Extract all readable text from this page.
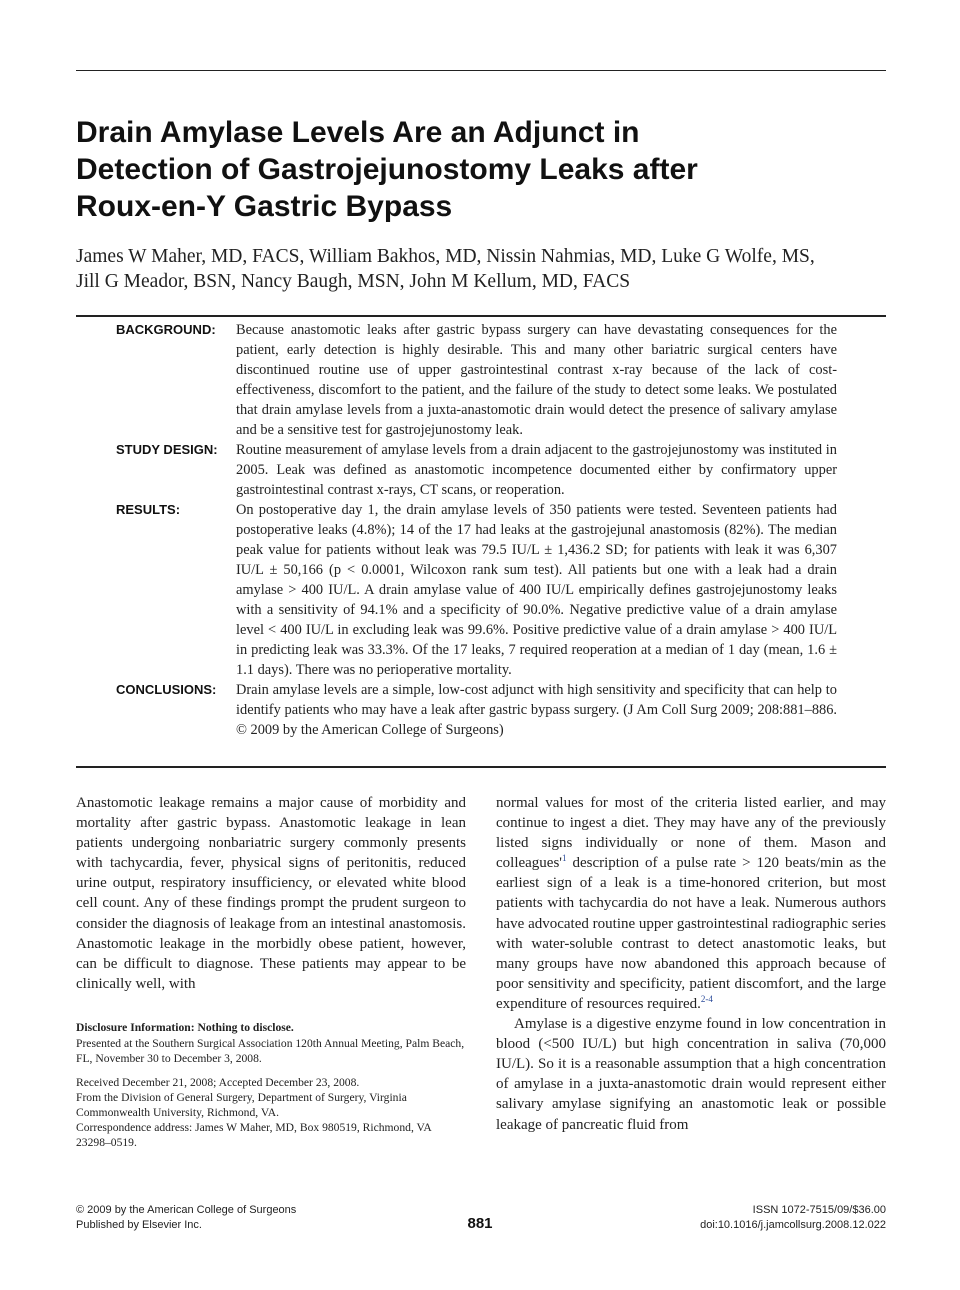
Drain Amylase Levels Are an Adjunct in
Detection of Gastrojejunostomy Leaks after
Roux-en-Y Gastric Bypass
James W Maher, MD, FACS, William Bakhos, MD, Nissin Nahmias, MD, Luke G Wolfe, MS,
Jill G Meador, BSN, Nancy Baugh, MSN, John M Kellum, MD, FACS
BACKGROUND: Because anastomotic leaks after gastric bypass surgery can have devastating consequences for the patient, early detection is highly desirable. This and many other bariatric surgical centers have discontinued routine use of upper gastrointestinal contrast x-ray because of the lack of cost-effectiveness, discomfort to the patient, and the failure of the study to detect some leaks. We postulated that drain amylase levels from a juxta-anastomotic drain would detect the presence of salivary amylase and be a sensitive test for gastrojejunostomy leak.
STUDY DESIGN: Routine measurement of amylase levels from a drain adjacent to the gastrojejunostomy was instituted in 2005. Leak was defined as anastomotic incompetence documented either by confirmatory upper gastrointestinal contrast x-rays, CT scans, or reoperation.
RESULTS:	On postoperative day 1, the drain amylase levels of 350 patients were tested. Seventeen patients had postoperative leaks (4.8%); 14 of the 17 had leaks at the gastrojejunal anastomosis (82%). The median peak value for patients without leak was 79.5 IU/L ± 1,436.2 SD; for patients with leak it was 6,307 IU/L ± 50,166 (p < 0.0001, Wilcoxon rank sum test). All patients but one with a leak had a drain amylase > 400 IU/L. A drain amylase value of 400 IU/L empirically defines gastrojejunostomy leaks with a sensitivity of 94.1% and a specificity of 90.0%. Negative predictive value of a drain amylase level < 400 IU/L in excluding leak was 99.6%. Positive predictive value of a drain amylase > 400 IU/L in predicting leak was 33.3%. Of the 17 leaks, 7 required reoperation at a median of 1 day (mean, 1.6 ± 1.1 days). There was no perioperative mortality.
CONCLUSIONS: Drain amylase levels are a simple, low-cost adjunct with high sensitivity and specificity that can help to identify patients who may have a leak after gastric bypass surgery. (J Am Coll Surg 2009; 208:881–886. © 2009 by the American College of Surgeons)

Anastomotic leakage remains a major cause of morbidity and mortality after gastric bypass. Anastomotic leakage in lean patients undergoing nonbariatric surgery commonly presents with tachycardia, fever, physical signs of peritonitis, reduced urine output, respiratory insufficiency, or elevated white blood cell count. Any of these findings prompt the prudent surgeon to consider the diagnosis of leakage from an intestinal anastomosis. Anastomotic leakage in the morbidly obese patient, however, can be difficult to diagnose. These patients may appear to be clinically well, with

normal values for most of the criteria listed earlier, and may continue to ingest a diet. They may have any of the previously listed signs individually or none of them. Mason and $colleagues'^1$ description of a pulse rate > 120 beats/min as the earliest sign of a leak is a time-honored criterion, but most patients with tachycardia do not have a leak. Numerous authors have advocated routine upper gastrointestinal radiographic series with water-soluble contrast to detect anastomotic leaks, but many groups have now abandoned this approach because of poor sensitivity and specificity, patient discomfort, and the large expenditure of resources required.$^{2-4}$

Amylase is a digestive enzyme found in low concentration in blood (<500 IU/L) but high concentration in saliva (70,000 IU/L). So it is a reasonable assumption that a high concentration of amylase in a juxta-anastomotic drain would represent either salivary amylase signifying an anastomotic leak or possible leakage of pancreatic fluid from

Disclosure Information: Nothing to disclose.

Presented at the Southern Surgical Association 120th Annual Meeting, Palm Beach, FL, November 30 to December 3, 2008.

Received December 21, 2008; Accepted December 23, 2008.

From the Division of General Surgery, Department of Surgery, Virginia Commonwealth University, Richmond, VA.

Correspondence address: James W Maher, MD, Box 980519, Richmond, VA 23298–0519.

© 2009 by the American College of Surgeons
Published by Elsevier Inc.	881
ISSN 1072-7515/09/$36.00
doi:10.1016/j.jamcollsurg.2008.12.022
